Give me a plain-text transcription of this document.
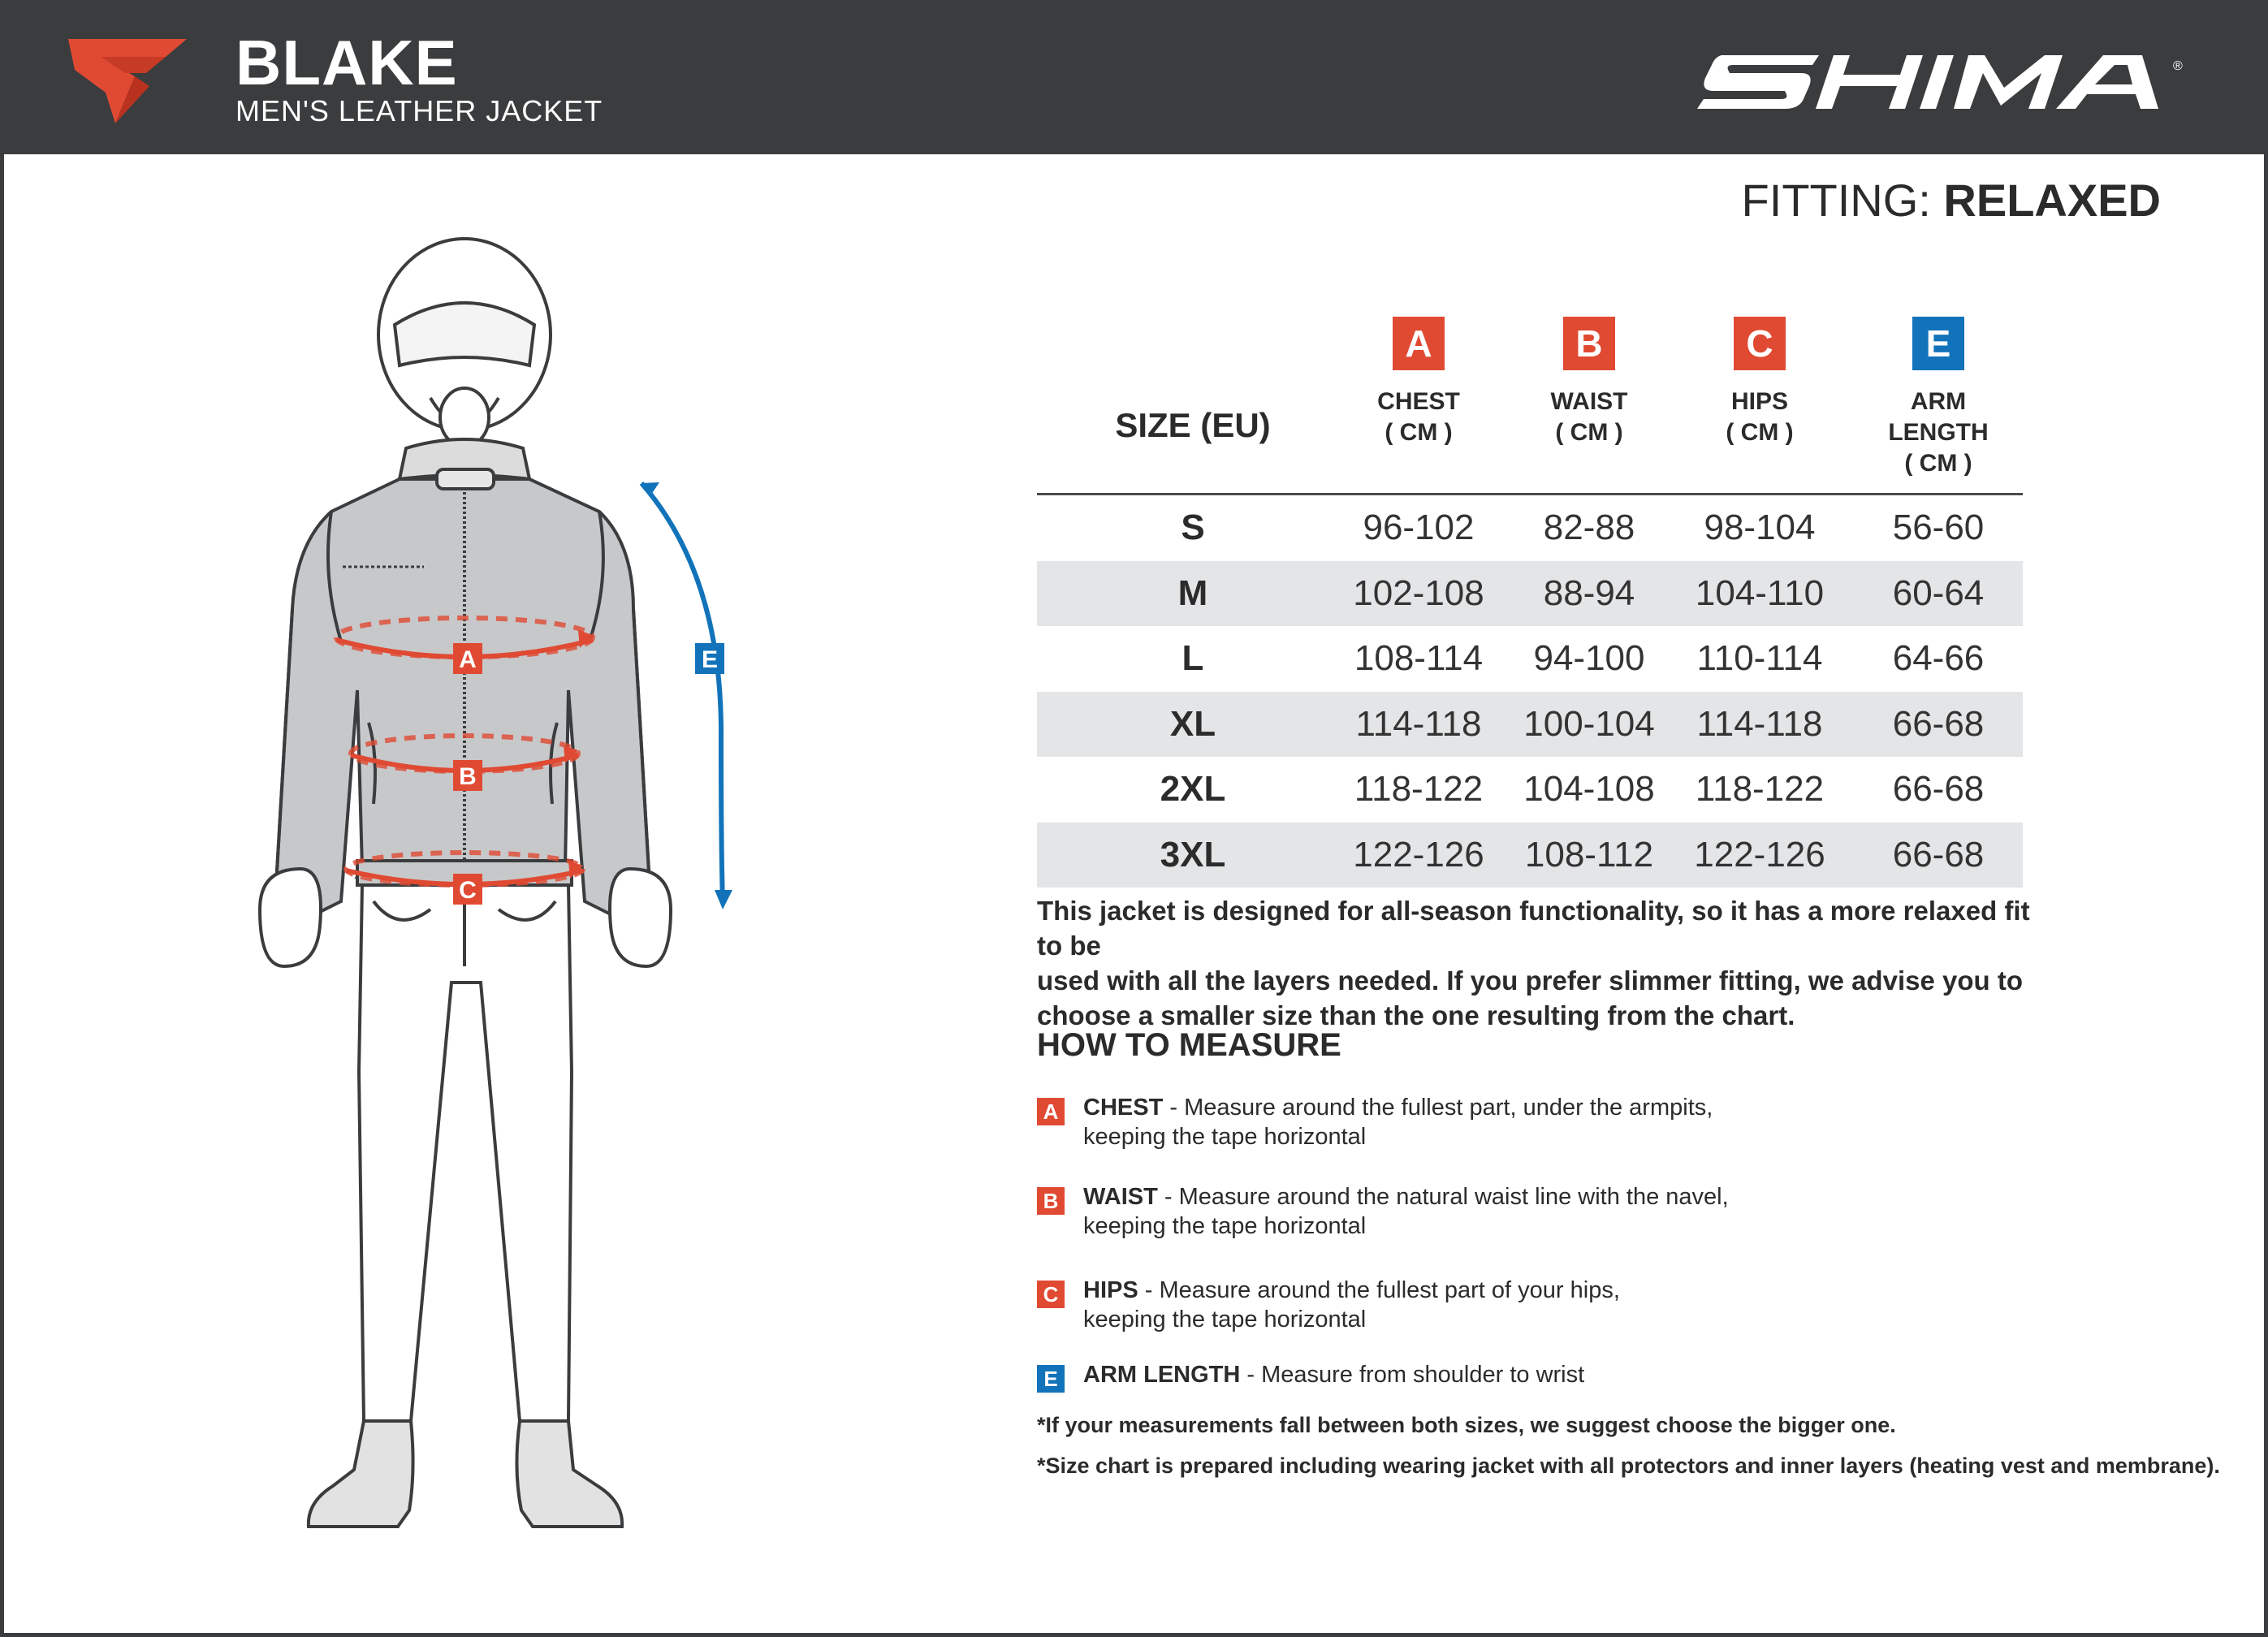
BLAKE
MEN'S LEATHER JACKET
®
FITTING: RELAXED
A
B
C
E
SIZE (EU)
A
CHEST
( CM )
B
WAIST
( CM )
C
HIPS
( CM )
E
ARM LENGTH
( CM )
S	96-102	82-88	98-104	56-60
M	102-108	88-94	104-110	60-64
L	108-114	94-100	110-114	64-66
XL	114-118 100-104 114-118	66-68
2XL	118-122 104-108 118-122	66-68
3XL	122-126 108-112 122-126	66-68
This jacket is designed for all-season functionality, so it has a more relaxed fit to be
used with all the layers needed. If you prefer slimmer fitting, we advise you to
choose a smaller size than the one resulting from the chart.
HOW TO MEASURE
A CHEST - Measure around the fullest part, under the armpits,
keeping the tape horizontal
B WAIST - Measure around the natural waist line with the navel,
keeping the tape horizontal
C HIPS - Measure around the fullest part of your hips,
keeping the tape horizontal
E ARM LENGTH - Measure from shoulder to wrist
*If your measurements fall between both sizes, we suggest choose the bigger one.
*Size chart is prepared including wearing jacket with all protectors and inner layers (heating vest and membrane).
